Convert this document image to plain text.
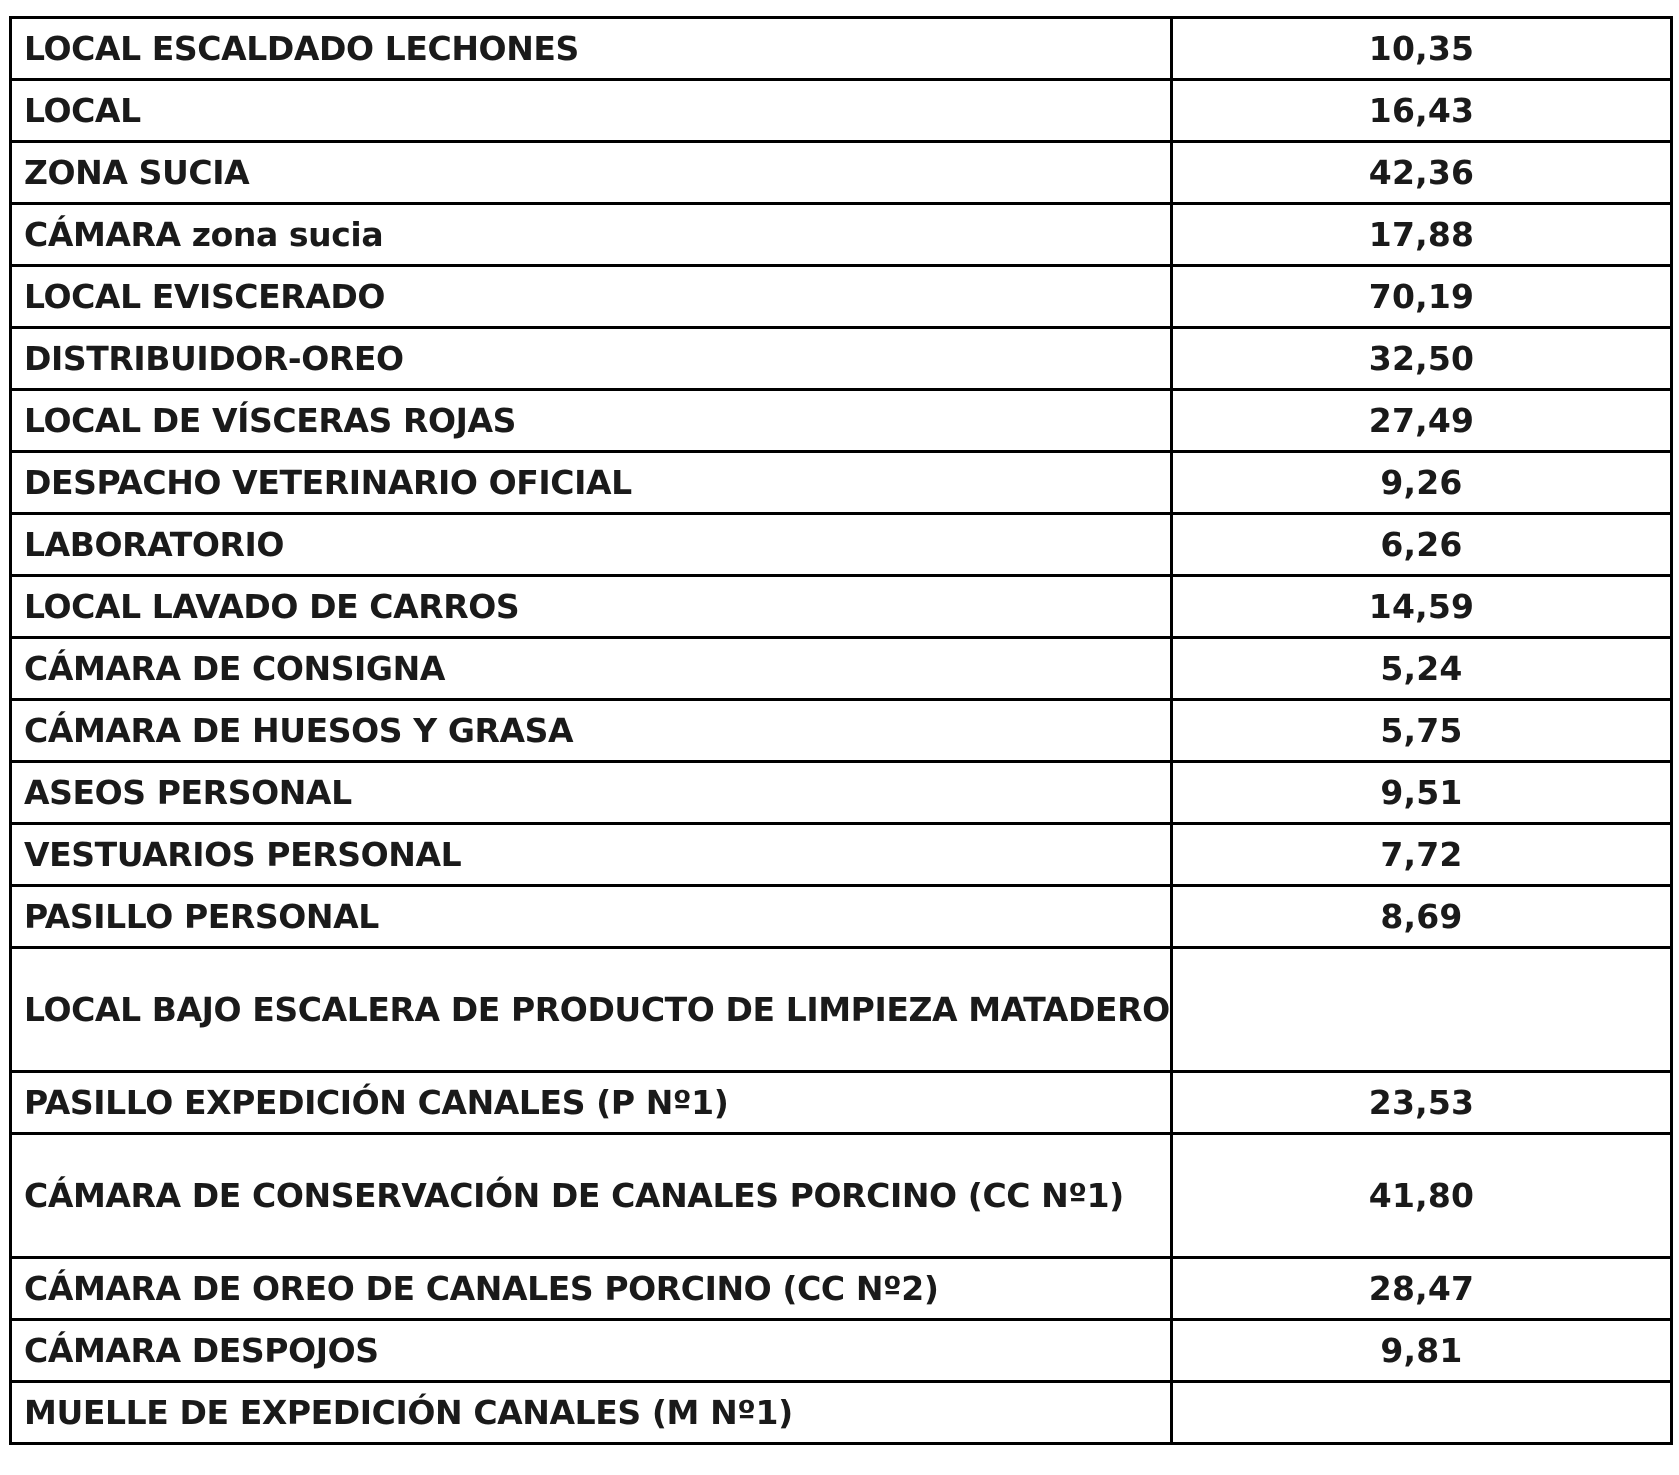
LOCAL ESCALDADO LECHONES	10,35
LOCAL	16,43
ZONA SUCIA	42,36
CÁMARA zona sucia	17,88
LOCAL EVISCERADO	70,19
DISTRIBUIDOR-OREO	32,50
LOCAL DE VÍSCERAS ROJAS	27,49
DESPACHO VETERINARIO OFICIAL	9,26
LABORATORIO	6,26
LOCAL LAVADO DE CARROS	14,59
CÁMARA DE CONSIGNA	5,24
CÁMARA DE HUESOS Y GRASA	5,75
ASEOS PERSONAL	9,51
VESTUARIOS PERSONAL	7,72
PASILLO PERSONAL	8,69
LOCAL BAJO ESCALERA DE PRODUCTO DE LIMPIEZA MATADERO	
PASILLO EXPEDICIÓN CANALES (P Nº1)	23,53
CÁMARA DE CONSERVACIÓN DE CANALES PORCINO (CC Nº1)	41,80
CÁMARA DE OREO DE CANALES PORCINO (CC Nº2)	28,47
CÁMARA DESPOJOS	9,81
MUELLE DE EXPEDICIÓN CANALES (M Nº1)	
